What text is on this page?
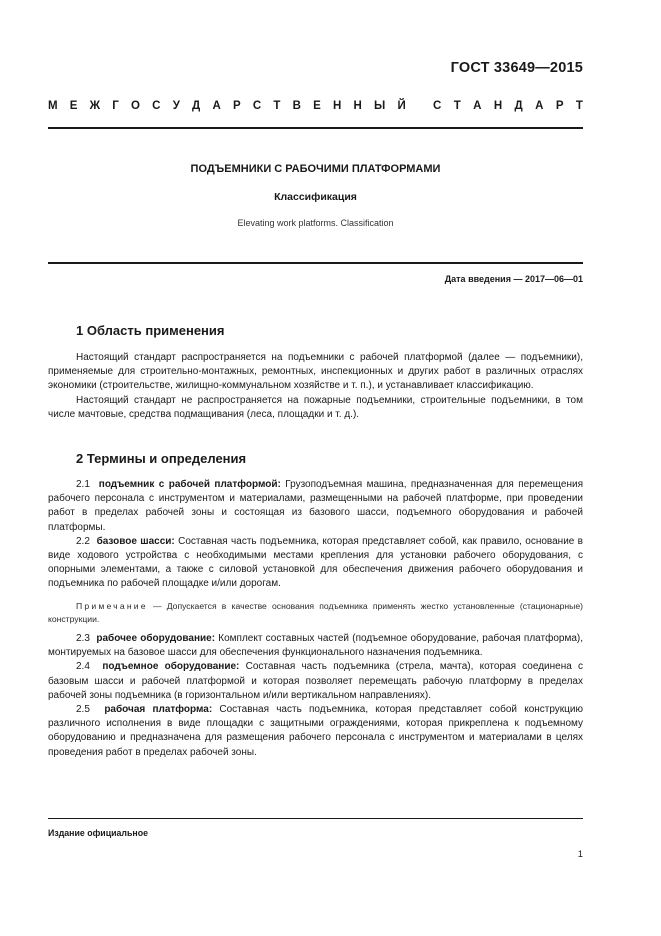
ГОСТ 33649—2015
М Е Ж Г О С У Д А Р С Т В Е Н Н Ы Й С Т А Н Д А Р Т
ПОДЪЕМНИКИ С РАБОЧИМИ ПЛАТФОРМАМИ
Классификация
Elevating work platforms. Classification
Дата введения — 2017—06—01
1 Область применения

Настоящий стандарт распространяется на подъемники с рабочей платформой (далее — подъемники), применяемые для строительно-монтажных, ремонтных, инспекционных и других работ в различных отраслях экономики (строительстве, жилищно-коммунальном хозяйстве и т. п.), и устанавливает классификацию.

Настоящий стандарт не распространяется на пожарные подъемники, строительные подъемники, в том числе мачтовые, средства подмащивания (леса, площадки и т. д.).

2 Термины и определения

2.1 подъемник с рабочей платформой: Грузоподъемная машина, предназначенная для перемещения рабочего персонала с инструментом и материалами, размещенными на рабочей платформе, при проведении работ в пределах рабочей зоны и состоящая из базового шасси, подъемного оборудования и рабочей платформы.

2.2 базовое шасси: Составная часть подъемника, которая представляет собой, как правило, основание в виде ходового устройства с необходимыми местами крепления для установки рабочего оборудования, с опорными элементами, а также с силовой установкой для обеспечения движения рабочего оборудования и подъемника по рабочей площадке и/или дорогам.

Примечание — Допускается в качестве основания подъемника применять жестко установленные (стационарные) конструкции.

2.3 рабочее оборудование: Комплект составных частей (подъемное оборудование, рабочая платформа), монтируемых на базовое шасси для обеспечения функционального назначения подъемника.

2.4 подъемное оборудование: Составная часть подъемника (стрела, мачта), которая соединена с базовым шасси и рабочей платформой и которая позволяет перемещать рабочую платформу в пределах рабочей зоны подъемника (в горизонтальном и/или вертикальном направлениях).

2.5 рабочая платформа: Составная часть подъемника, которая представляет собой конструкцию различного исполнения в виде площадки с защитными ограждениями, которая прикреплена к подъемному оборудованию и предназначена для размещения рабочего персонала с инструментом и материалами в целях проведения работ в пределах рабочей зоны.

Издание официальное
1
